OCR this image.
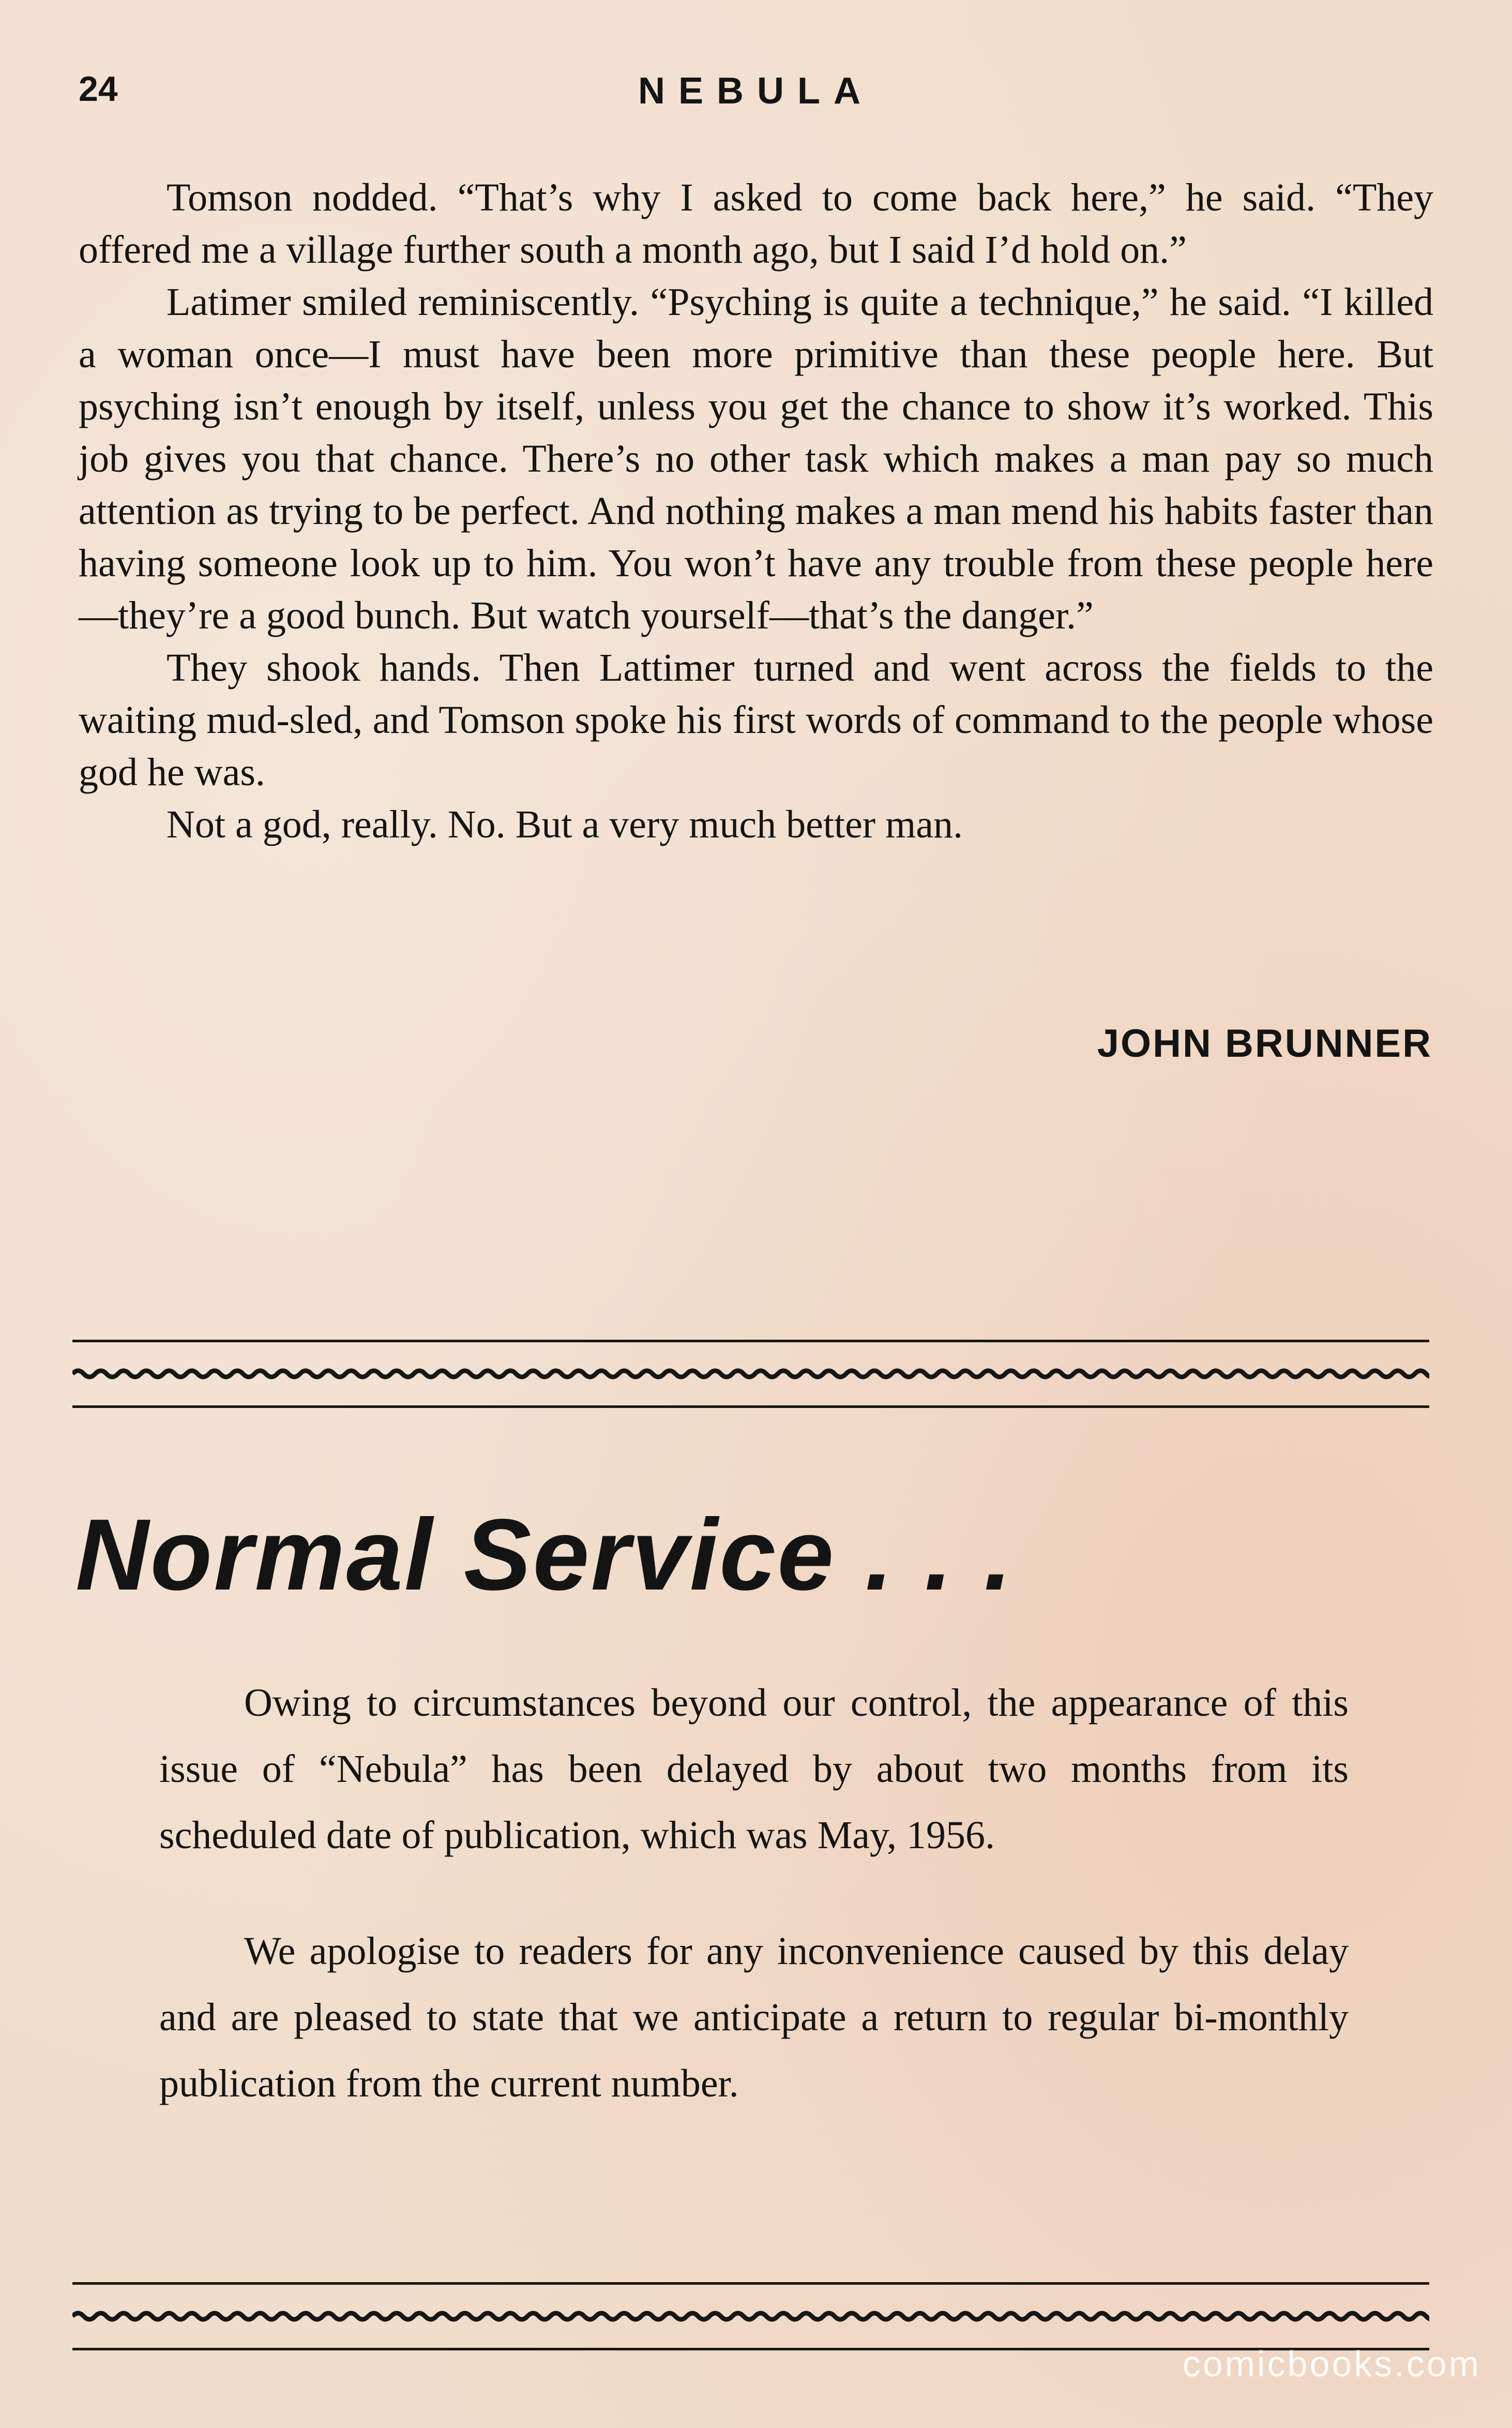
24	NEBULA

Tomson nodded. “That’s why I asked to come back here,” he said. “They offered me a village further south a month ago, but I said I’d hold on.”

Latimer smiled reminiscently. “Psyching is quite a technique,” he said. “I killed a woman once—I must have been more primitive than these people here. But psyching isn’t enough by itself, unless you get the chance to show it’s worked. This job gives you that chance. There’s no other task which makes a man pay so much attention as trying to be perfect. And nothing makes a man mend his habits faster than having someone look up to him. You won’t have any trouble from these people here—they’re a good bunch. But watch yourself—that’s the danger.”

They shook hands. Then Lattimer turned and went across the fields to the waiting mud-sled, and Tomson spoke his first words of command to the people whose god he was.

Not a god, really. No. But a very much better man.

JOHN BRUNNER
Normal Service . . .

Owing to circumstances beyond our control, the appearance of this issue of “Nebula” has been delayed by about two months from its scheduled date of publication, which was May, 1956.

We apologise to readers for any inconvenience caused by this delay and are pleased to state that we anticipate a return to regular bi-monthly publication from the current number.

comicbooks.com
